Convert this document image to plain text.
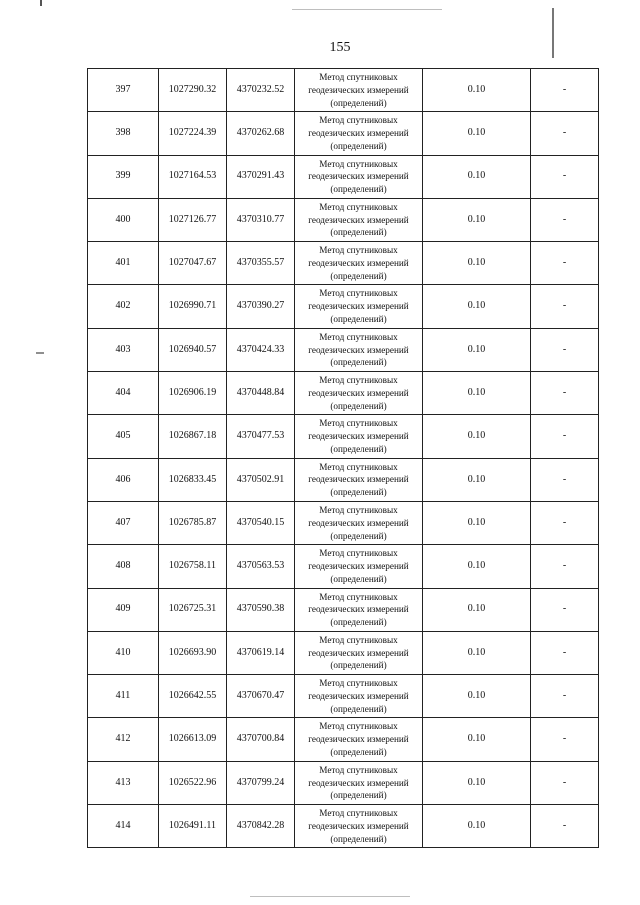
155
397	1027290.32	4370232.52	Метод спутниковых геодезических измерений (определений)	0.10	-
398	1027224.39	4370262.68	Метод спутниковых геодезических измерений (определений)	0.10	-
399	1027164.53	4370291.43	Метод спутниковых геодезических измерений (определений)	0.10	-
400	1027126.77	4370310.77	Метод спутниковых геодезических измерений (определений)	0.10	-
401	1027047.67	4370355.57	Метод спутниковых геодезических измерений (определений)	0.10	-
402	1026990.71	4370390.27	Метод спутниковых геодезических измерений (определений)	0.10	-
403	1026940.57	4370424.33	Метод спутниковых геодезических измерений (определений)	0.10	-
404	1026906.19	4370448.84	Метод спутниковых геодезических измерений (определений)	0.10	-
405	1026867.18	4370477.53	Метод спутниковых геодезических измерений (определений)	0.10	-
406	1026833.45	4370502.91	Метод спутниковых геодезических измерений (определений)	0.10	-
407	1026785.87	4370540.15	Метод спутниковых геодезических измерений (определений)	0.10	-
408	1026758.11	4370563.53	Метод спутниковых геодезических измерений (определений)	0.10	-
409	1026725.31	4370590.38	Метод спутниковых геодезических измерений (определений)	0.10	-
410	1026693.90	4370619.14	Метод спутниковых геодезических измерений (определений)	0.10	-
411	1026642.55	4370670.47	Метод спутниковых геодезических измерений (определений)	0.10	-
412	1026613.09	4370700.84	Метод спутниковых геодезических измерений (определений)	0.10	-
413	1026522.96	4370799.24	Метод спутниковых геодезических измерений (определений)	0.10	-
414	1026491.11	4370842.28	Метод спутниковых геодезических измерений (определений)	0.10	-
